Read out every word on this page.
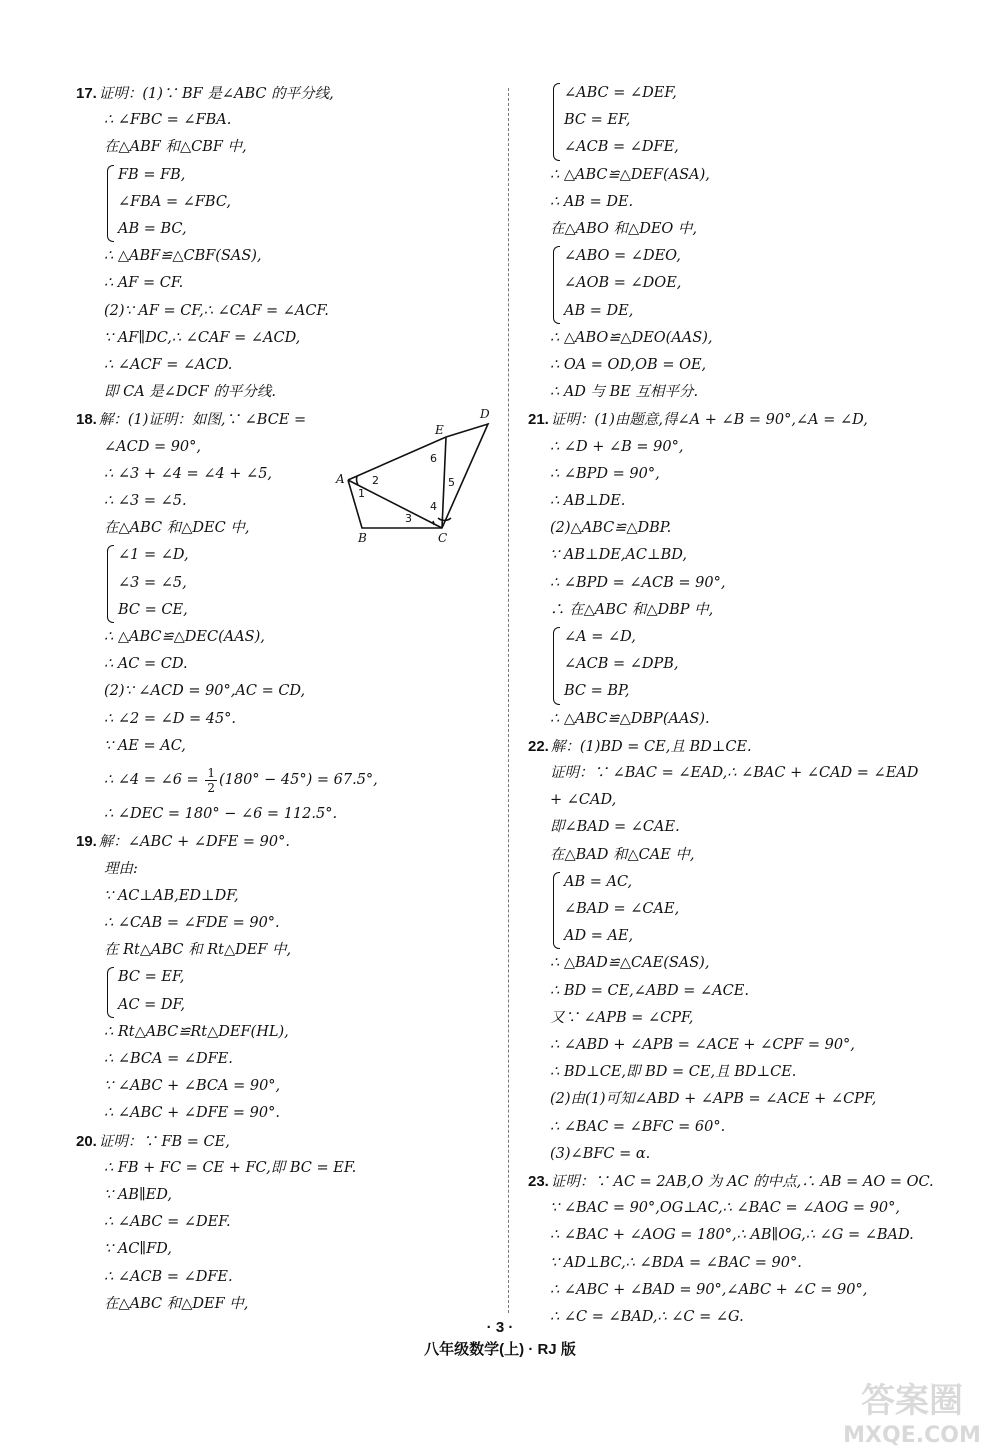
17. 证明：(1)∵ BF 是∠ABC 的平分线,
∴ ∠FBC = ∠FBA.
在△ABF 和△CBF 中,
FB = FB,
∠FBA = ∠FBC,
AB = BC,
∴ △ABF≌△CBF(SAS),
∴ AF = CF.
(2)∵ AF = CF,∴ ∠CAF = ∠ACF.
∵ AF∥DC,∴ ∠CAF = ∠ACD,
∴ ∠ACF = ∠ACD.
即 CA 是∠DCF 的平分线.
18. 解：(1)证明：如图,∵ ∠BCE =
∠ACD = 90°,
∴ ∠3 + ∠4 = ∠4 + ∠5,
∴ ∠3 = ∠5.
在△ABC 和△DEC 中,
∠1 = ∠D,
∠3 = ∠5,
BC = CE,
∴ △ABC≌△DEC(AAS),
∴ AC = CD.
(2)∵ ∠ACD = 90°,AC = CD,
∴ ∠2 = ∠D = 45°.
∵ AE = AC,
∴ ∠4 = ∠6 = $\frac{1}{2} (180^\circ - 45^\circ) = 67.5^\circ$,
∴ ∠DEC = 180° − ∠6 = 112.5°.
19. 解：∠ABC + ∠DFE = 90°.
理由:
∵ AC⊥AB,ED⊥DF,
∴ ∠CAB = ∠FDE = 90°.
在 Rt△ABC 和 Rt△DEF 中,
BC = EF,
AC = DF,
∴ Rt△ABC≌Rt△DEF(HL),
∴ ∠BCA = ∠DFE.
∵ ∠ABC + ∠BCA = 90°,
∴ ∠ABC + ∠DFE = 90°.
20. 证明：∵ FB = CE,
∴ FB + FC = CE + FC,即 BC = EF.
∵ AB∥ED,
∴ ∠ABC = ∠DEF.
∵ AC∥FD,
∴ ∠ACB = ∠DFE.
在△ABC 和△DEF 中,
∠ABC = ∠DEF,
BC = EF,
∠ACB = ∠DFE,
∴ △ABC≌△DEF(ASA),
∴ AB = DE.
在△ABO 和△DEO 中,
∠ABO = ∠DEO,
∠AOB = ∠DOE,
AB = DE,
∴ △ABO≌△DEO(AAS),
∴ OA = OD,OB = OE,
∴ AD 与 BE 互相平分.
21. 证明：(1)由题意,得∠A + ∠B = 90°,∠A = ∠D,
∴ ∠D + ∠B = 90°,
∴ ∠BPD = 90°,
∴ AB⊥DE.
(2)△ABC≌△DBP.
∵ AB⊥DE,AC⊥BD,
∴ ∠BPD = ∠ACB = 90°,
∴ 在△ABC 和△DBP 中,
∠A = ∠D,
∠ACB = ∠DPB,
BC = BP,
∴ △ABC≌△DBP(AAS).
22. 解：(1)BD = CE,且 BD⊥CE.
证明：∵ ∠BAC = ∠EAD,∴ ∠BAC + ∠CAD = ∠EAD
+ ∠CAD,
即∠BAD = ∠CAE.
在△BAD 和△CAE 中,
AB = AC,
∠BAD = ∠CAE,
AD = AE,
∴ △BAD≌△CAE(SAS),
∴ BD = CE,∠ABD = ∠ACE.
又∵ ∠APB = ∠CPF,
∴ ∠ABD + ∠APB = ∠ACE + ∠CPF = 90°,
∴ BD⊥CE,即 BD = CE,且 BD⊥CE.
(2)由(1)可知∠ABD + ∠APB = ∠ACE + ∠CPF,
∴ ∠BAC = ∠BFC = 60°.
(3)∠BFC = α.
23. 证明：∵ AC = 2AB,O 为 AC 的中点,∴ AB = AO = OC.
∵ ∠BAC = 90°,OG⊥AC,∴ ∠BAC = ∠AOG = 90°,
∴ ∠BAC + ∠AOG = 180°,∴ AB∥OG,∴ ∠G = ∠BAD.
∵ AD⊥BC,∴ ∠BDA = ∠BAC = 90°.
∴ ∠ABC + ∠BAD = 90°,∠ABC + ∠C = 90°,
∴ ∠C = ∠BAD,∴ ∠C = ∠G.
A
B	C
D
E
1
2
3
4
5
6
· 3 ·
八年级数学(上) · RJ 版
答案圈
MXQE.COM
